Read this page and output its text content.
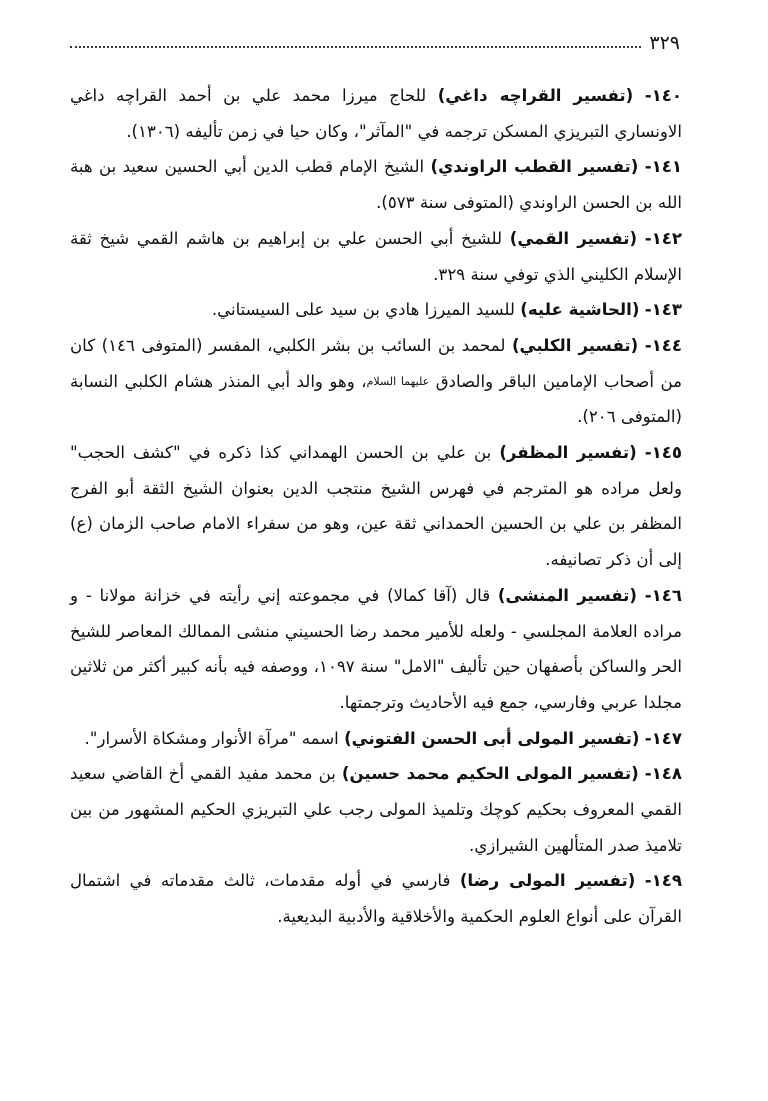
٣٢٩

١٤٠- (تفسير القراچه داغي) للحاج ميرزا محمد علي بن أحمد القراچه داغي الاونساري التبريزي المسكن ترجمه في "المآثر"، وكان حيا في زمن تأليفه (١٣٠٦).

١٤١- (تفسير القطب الراوندي) الشيخ الإمام قطب الدين أبي الحسين سعيد بن هبة الله بن الحسن الراوندي (المتوفى سنة ٥٧٣).

١٤٢- (تفسير القمي) للشيخ أبي الحسن علي بن إبراهيم بن هاشم القمي شيخ ثقة الإسلام الكليني الذي توفي سنة ٣٢٩.

١٤٣- (الحاشية عليه) للسيد الميرزا هادي بن سيد على السيستاني.

١٤٤- (تفسير الكلبي) لمحمد بن السائب بن بشر الكلبي، المفسر (المتوفى ١٤٦) كان من أصحاب الإمامين الباقر والصادق عليهما السلام، وهو والد أبي المنذر هشام الكلبي النسابة (المتوفى ٢٠٦).

١٤٥- (تفسير المظفر) بن علي بن الحسن الهمداني كذا ذكره في "كشف الحجب" ولعل مراده هو المترجم في فهرس الشيخ منتجب الدين بعنوان الشيخ الثقة أبو الفرج المظفر بن علي بن الحسين الحمداني ثقة عين، وهو من سفراء الامام صاحب الزمان (ع) إلى أن ذكر تصانيفه.

١٤٦- (تفسير المنشى) قال (آقا كمالا) في مجموعته إني رأيته في خزانة مولانا - و مراده العلامة المجلسي - ولعله للأمير محمد رضا الحسيني منشى الممالك المعاصر للشيخ الحر والساكن بأصفهان حين تأليف "الامل" سنة ١٠٩٧، ووصفه فيه بأنه كبير أكثر من ثلاثين مجلدا عربي وفارسي، جمع فيه الأحاديث وترجمتها.

١٤٧- (تفسير المولى أبى الحسن الفتوني) اسمه "مرآة الأنوار ومشكاة الأسرار".

١٤٨- (تفسير المولى الحكيم محمد حسين) بن محمد مفيد القمي أخ القاضي سعيد القمي المعروف بحكيم كوچك وتلميذ المولى رجب علي التبريزي الحكيم المشهور من بين تلاميذ صدر المتألهين الشيرازي.

١٤٩- (تفسير المولى رضا) فارسي في أوله مقدمات، ثالث مقدماته في اشتمال القرآن على أنواع العلوم الحكمية والأخلاقية والأدبية البديعية.
